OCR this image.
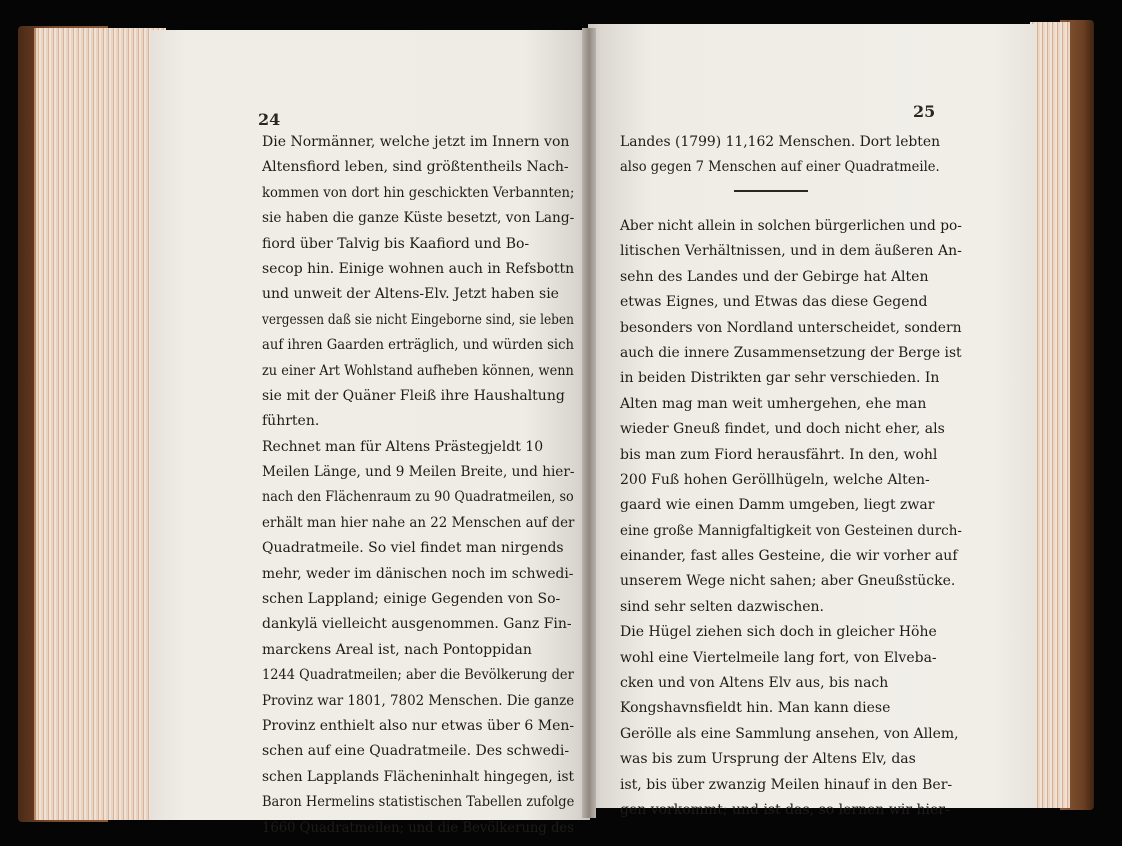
24
Die Normänner, welche jetzt im Innern von
Altensfiord leben, sind größtentheils Nach-
kommen von dort hin geschickten Verbannten;
sie haben die ganze Küste besetzt, von Lang-
fiord über Talvig bis Kaafiord und Bo-
secop hin. Einige wohnen auch in Refsbottn
und unweit der Altens-Elv. Jetzt haben sie
vergessen daß sie nicht Eingeborne sind, sie leben
auf ihren Gaarden erträglich, und würden sich
zu einer Art Wohlstand aufheben können, wenn
sie mit der Quäner Fleiß ihre Haushaltung
führten.
Rechnet man für Altens Prästegjeldt 10
Meilen Länge, und 9 Meilen Breite, und hier-
nach den Flächenraum zu 90 Quadratmeilen, so
erhält man hier nahe an 22 Menschen auf der
Quadratmeile. So viel findet man nirgends
mehr, weder im dänischen noch im schwedi-
schen Lappland; einige Gegenden von So-
dankylä vielleicht ausgenommen. Ganz Fin-
marckens Areal ist, nach Pontoppidan
1244 Quadratmeilen; aber die Bevölkerung der
Provinz war 1801, 7802 Menschen. Die ganze
Provinz enthielt also nur etwas über 6 Men-
schen auf eine Quadratmeile. Des schwedi-
schen Lapplands Flächeninhalt hingegen, ist
Baron Hermelins statistischen Tabellen zufolge
1660 Quadratmeilen; und die Bevölkerung des
25
Landes (1799) 11,162 Menschen. Dort lebten
also gegen 7 Menschen auf einer Quadratmeile.
Aber nicht allein in solchen bürgerlichen und po-
litischen Verhältnissen, und in dem äußeren An-
sehn des Landes und der Gebirge hat Alten
etwas Eignes, und Etwas das diese Gegend
besonders von Nordland unterscheidet, sondern
auch die innere Zusammensetzung der Berge ist
in beiden Distrikten gar sehr verschieden. In
Alten mag man weit umhergehen, ehe man
wieder Gneuß findet, und doch nicht eher, als
bis man zum Fiord herausfährt. In den, wohl
200 Fuß hohen Geröllhügeln, welche Alten-
gaard wie einen Damm umgeben, liegt zwar
eine große Mannigfaltigkeit von Gesteinen durch-
einander, fast alles Gesteine, die wir vorher auf
unserem Wege nicht sahen; aber Gneußstücke.
sind sehr selten dazwischen.
Die Hügel ziehen sich doch in gleicher Höhe
wohl eine Viertelmeile lang fort, von Elveba-
cken und von Altens Elv aus, bis nach
Kongshavnsfieldt hin. Man kann diese
Gerölle als eine Sammlung ansehen, von Allem,
was bis zum Ursprung der Altens Elv, das
ist, bis über zwanzig Meilen hinauf in den Ber-
gen vorkommt; und ist das, so lernen wir hier-
